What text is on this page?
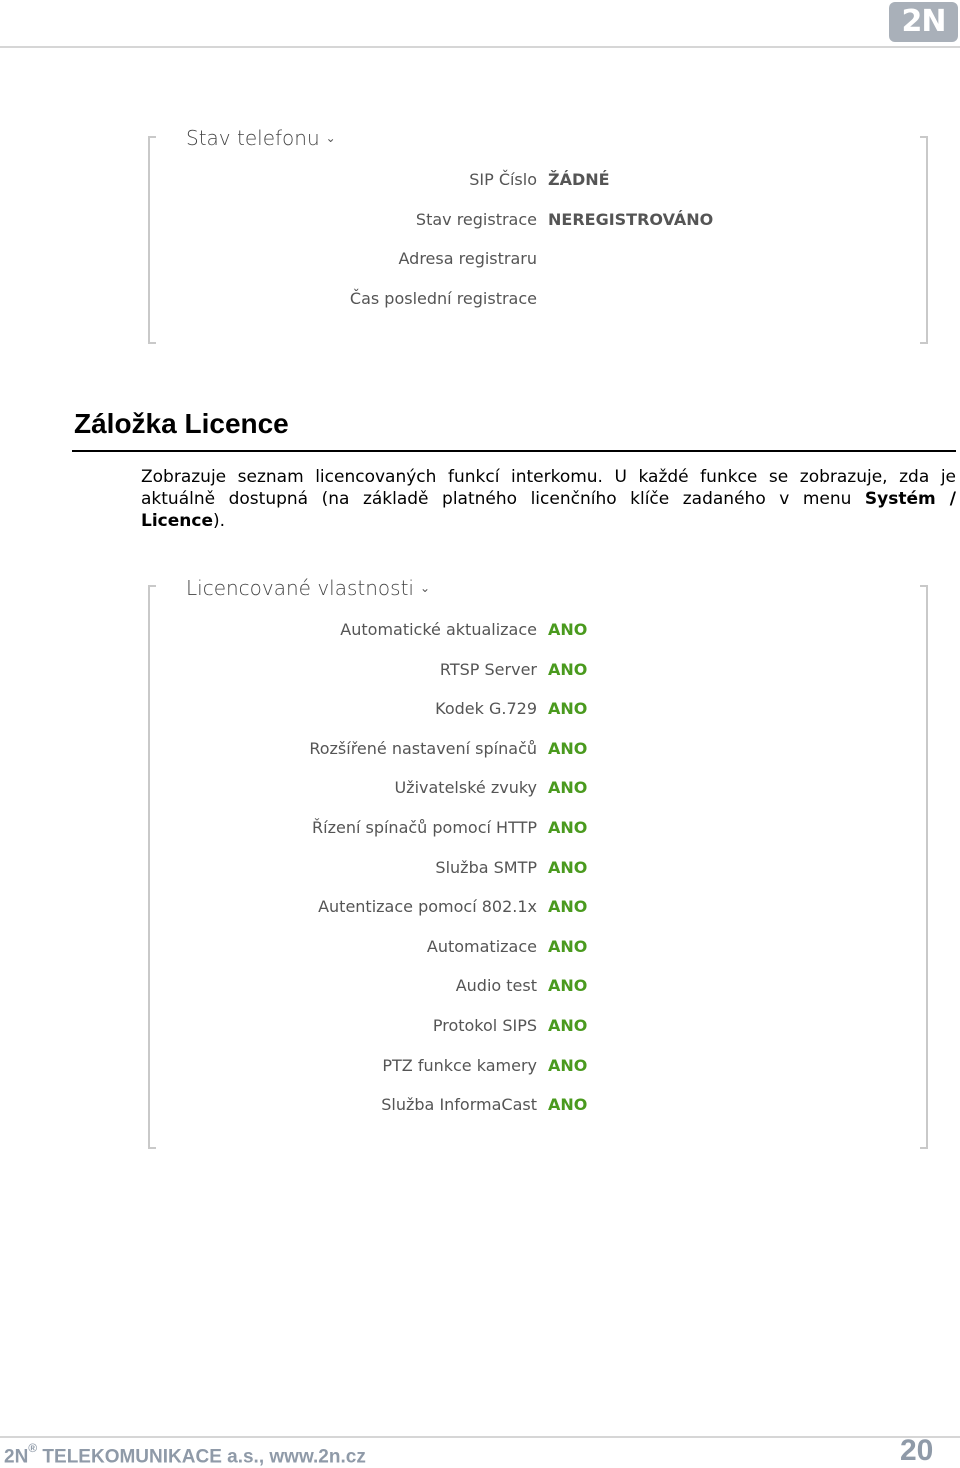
2N
Stav telefonu ⌄
SIP Číslo ŽÁDNÉ
Stav registrace NEREGISTROVÁNO
Adresa registraru
Čas poslední registrace
Záložka Licence
Zobrazuje seznam licencovaných funkcí interkomu. U každé funkce se zobrazuje, zda je aktuálně dostupná (na základě platného licenčního klíče zadaného v menu Systém / Licence).
Licencované vlastnosti ⌄
Automatické aktualizace ANO
RTSP Server ANO
Kodek G.729 ANO
Rozšířené nastavení spínačů ANO
Uživatelské zvuky ANO
Řízení spínačů pomocí HTTP ANO
Služba SMTP ANO
Autentizace pomocí 802.1x ANO
Automatizace ANO
Audio test ANO
Protokol SIPS ANO
PTZ funkce kamery ANO
Služba InformaCast ANO
2N® TELEKOMUNIKACE a.s., www.2n.cz	20
